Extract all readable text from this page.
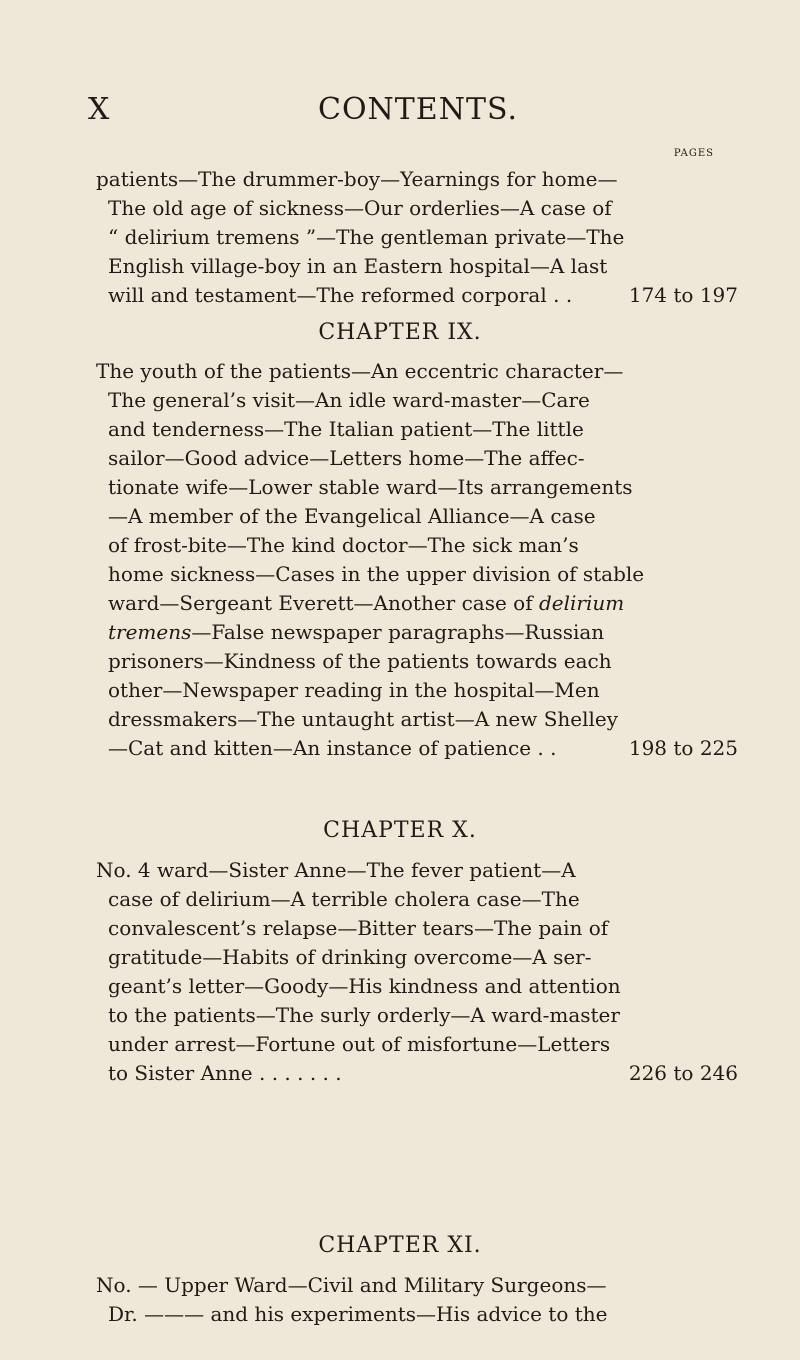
X	CONTENTS.
PAGES
patients—The drummer-boy—Yearnings for home—
The old age of sickness—Our orderlies—A case of
“ delirium tremens ”—The gentleman private—The
English village-boy in an Eastern hospital—A last
will and testament—The reformed corporal . .	174 to 197
CHAPTER IX.
The youth of the patients—An eccentric character—
The general’s visit—An idle ward-master—Care
and tenderness—The Italian patient—The little
sailor—Good advice—Letters home—The affec-
tionate wife—Lower stable ward—Its arrangements
—A member of the Evangelical Alliance—A case
of frost-bite—The kind doctor—The sick man’s
home sickness—Cases in the upper division of stable
ward—Sergeant Everett—Another case of delirium
tremens—False newspaper paragraphs—Russian
prisoners—Kindness of the patients towards each
other—Newspaper reading in the hospital—Men
dressmakers—The untaught artist—A new Shelley
—Cat and kitten—An instance of patience . .	198 to 225
CHAPTER X.
No. 4 ward—Sister Anne—The fever patient—A
case of delirium—A terrible cholera case—The
convalescent’s relapse—Bitter tears—The pain of
gratitude—Habits of drinking overcome—A ser-
geant’s letter—Goody—His kindness and attention
to the patients—The surly orderly—A ward-master
under arrest—Fortune out of misfortune—Letters
to Sister Anne . . . . . . .	226 to 246
CHAPTER XI.
No. — Upper Ward—Civil and Military Surgeons—
Dr. ——— and his experiments—His advice to the
